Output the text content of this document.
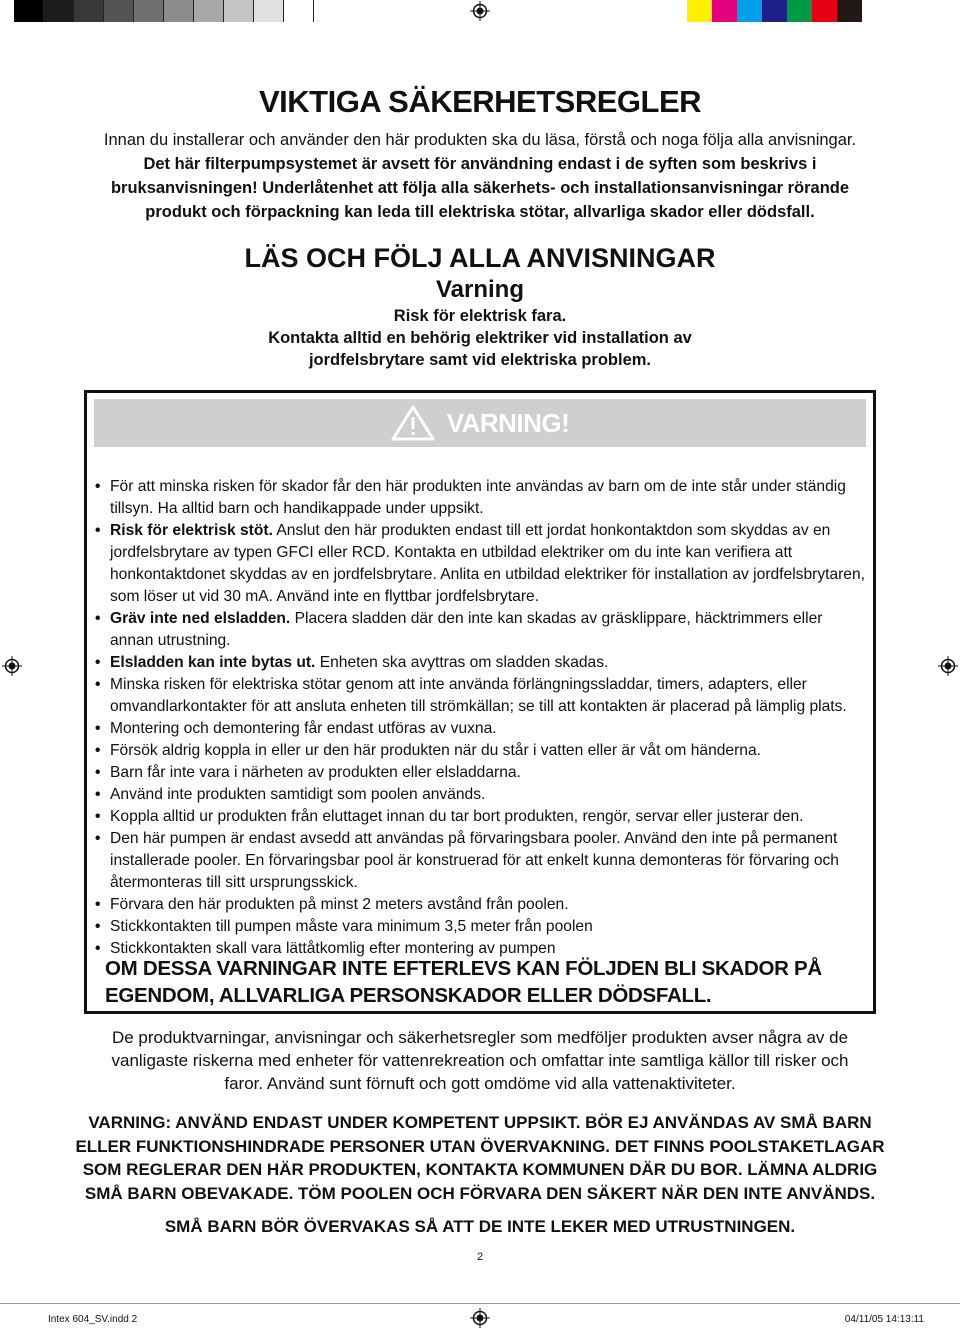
VIKTIGA SÄKERHETSREGLER

Innan du installerar och använder den här produkten ska du läsa, förstå och noga följa alla anvisningar.

Det här filterpumpsystemet är avsett för användning endast i de syften som beskrivs i bruksanvisningen! Underlåtenhet att följa alla säkerhets- och installationsanvisningar rörande produkt och förpackning kan leda till elektriska stötar, allvarliga skador eller dödsfall.

LÄS OCH FÖLJ ALLA ANVISNINGAR
Varning
Risk för elektrisk fara.
Kontakta alltid en behörig elektriker vid installation av
jordfelsbrytare samt vid elektriska problem.
VARNING!
• För att minska risken för skador får den här produkten inte användas av barn om de inte står under ständig tillsyn. Ha alltid barn och handikappade under uppsikt.
• Risk för elektrisk stöt. Anslut den här produkten endast till ett jordat honkontaktdon som skyddas av en jordfelsbrytare av typen GFCI eller RCD. Kontakta en utbildad elektriker om du inte kan verifiera att honkontaktdonet skyddas av en jordfelsbrytare. Anlita en utbildad elektriker för installation av jordfelsbrytaren, som löser ut vid 30 mA. Använd inte en flyttbar jordfelsbrytare.
• Gräv inte ned elsladden. Placera sladden där den inte kan skadas av gräsklippare, häcktrimmers eller annan utrustning.
• Elsladden kan inte bytas ut. Enheten ska avyttras om sladden skadas.
• Minska risken för elektriska stötar genom att inte använda förlängningssladdar, timers, adapters, eller omvandlarkontakter för att ansluta enheten till strömkällan; se till att kontakten är placerad på lämplig plats.
• Montering och demontering får endast utföras av vuxna.
• Försök aldrig koppla in eller ur den här produkten när du står i vatten eller är våt om händerna.
• Barn får inte vara i närheten av produkten eller elsladdarna.
• Använd inte produkten samtidigt som poolen används.
• Koppla alltid ur produkten från eluttaget innan du tar bort produkten, rengör, servar eller justerar den.
• Den här pumpen är endast avsedd att användas på förvaringsbara pooler. Använd den inte på permanent installerade pooler. En förvaringsbar pool är konstruerad för att enkelt kunna demonteras för förvaring och återmonteras till sitt ursprungsskick.
• Förvara den här produkten på minst 2 meters avstånd från poolen.
• Stickkontakten till pumpen måste vara minimum 3,5 meter från poolen
• Stickkontakten skall vara lättåtkomlig efter montering av pumpen
OM DESSA VARNINGAR INTE EFTERLEVS KAN FÖLJDEN BLI SKADOR PÅ EGENDOM, ALLVARLIGA PERSONSKADOR ELLER DÖDSFALL.
De produktvarningar, anvisningar och säkerhetsregler som medföljer produkten avser några av de vanligaste riskerna med enheter för vattenrekreation och omfattar inte samtliga källor till risker och faror. Använd sunt förnuft och gott omdöme vid alla vattenaktiviteter.
VARNING: ANVÄND ENDAST UNDER KOMPETENT UPPSIKT. BÖR EJ ANVÄNDAS AV SMÅ BARN ELLER FUNKTIONSHINDRADE PERSONER UTAN ÖVERVAKNING. DET FINNS POOLSTAKETLAGAR SOM REGLERAR DEN HÄR PRODUKTEN, KONTAKTA KOMMUNEN DÄR DU BOR. LÄMNA ALDRIG SMÅ BARN OBEVAKADE. TÖM POOLEN OCH FÖRVARA DEN SÄKERT NÄR DEN INTE ANVÄNDS.
SMÅ BARN BÖR ÖVERVAKAS SÅ ATT DE INTE LEKER MED UTRUSTNINGEN.
2
Intex 604_SV.indd 2	04/11/05 14:13:11
